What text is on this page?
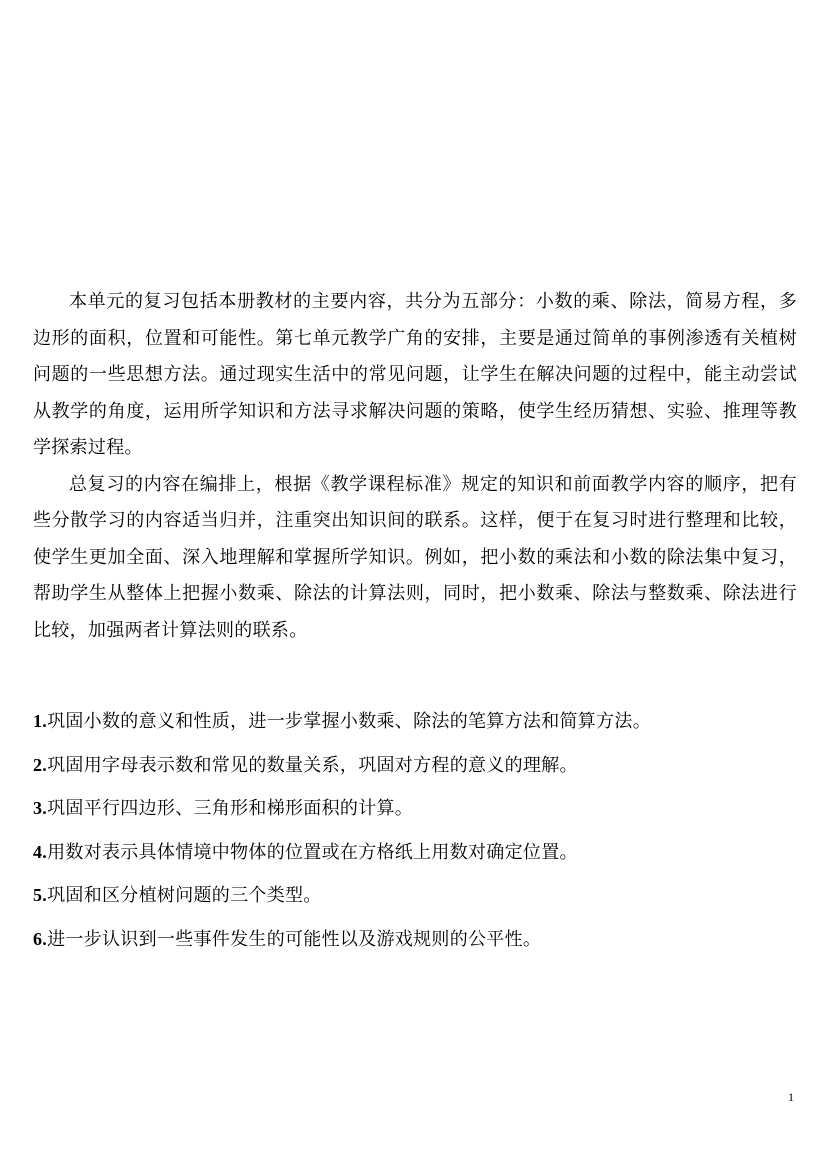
本单元的复习包括本册教材的主要内容，共分为五部分：小数的乘、除法，简易方程，多边形的面积，位置和可能性。第七单元教学广角的安排，主要是通过简单的事例渗透有关植树问题的一些思想方法。通过现实生活中的常见问题，让学生在解决问题的过程中，能主动尝试从教学的角度，运用所学知识和方法寻求解决问题的策略，使学生经历猜想、实验、推理等教学探索过程。

总复习的内容在编排上，根据《教学课程标准》规定的知识和前面教学内容的顺序，把有些分散学习的内容适当归并，注重突出知识间的联系。这样，便于在复习时进行整理和比较，使学生更加全面、深入地理解和掌握所学知识。例如，把小数的乘法和小数的除法集中复习，帮助学生从整体上把握小数乘、除法的计算法则，同时，把小数乘、除法与整数乘、除法进行比较，加强两者计算法则的联系。

1.巩固小数的意义和性质，进一步掌握小数乘、除法的笔算方法和简算方法。
2.巩固用字母表示数和常见的数量关系，巩固对方程的意义的理解。
3.巩固平行四边形、三角形和梯形面积的计算。
4.用数对表示具体情境中物体的位置或在方格纸上用数对确定位置。
5.巩固和区分植树问题的三个类型。
6.进一步认识到一些事件发生的可能性以及游戏规则的公平性。
1
